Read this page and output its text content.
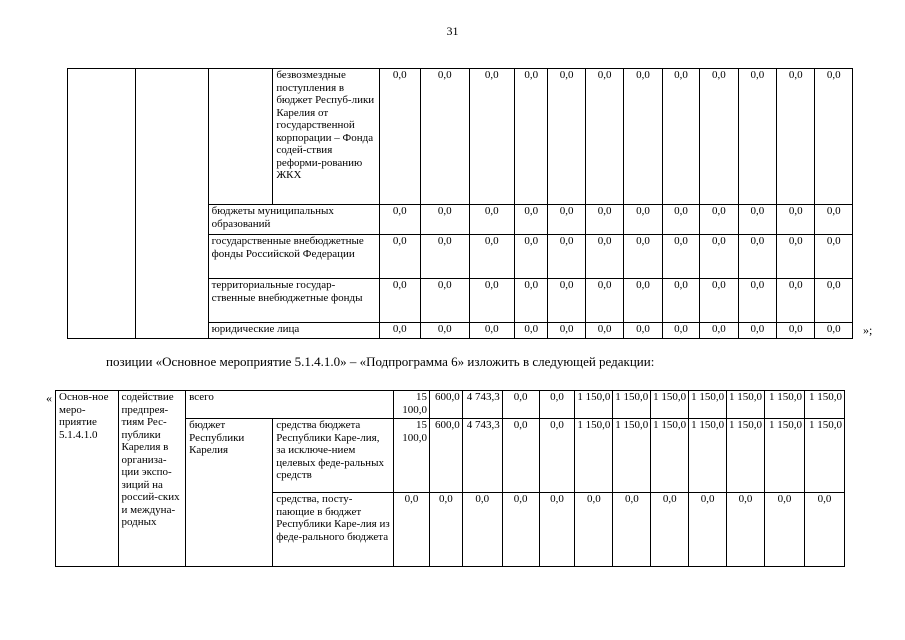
31
			безвозмездные поступления в бюджет Респуб-лики Карелия от государственной корпорации – Фонда содей-ствия реформи-рованию ЖКХ	0,0	0,0	0,0	0,0	0,0	0,0	0,0	0,0	0,0	0,0	0,0	0,0
		бюджеты муниципальных образований		0,0	0,0	0,0	0,0	0,0	0,0	0,0	0,0	0,0	0,0	0,0	0,0
		государственные внебюджетные фонды Российской Федерации		0,0	0,0	0,0	0,0	0,0	0,0	0,0	0,0	0,0	0,0	0,0	0,0
		территориальные государ-ственные внебюджетные фонды		0,0	0,0	0,0	0,0	0,0	0,0	0,0	0,0	0,0	0,0	0,0	0,0
		юридические лица		0,0	0,0	0,0	0,0	0,0	0,0	0,0	0,0	0,0	0,0	0,0	0,0 »;
позиции «Основное мероприятие 5.1.4.1.0» – «Подпрограмма 6» изложить в следующей редакции:
« Основ-ное меро-приятие 5.1.4.1.0	содействие предпрея-тиям Рес-публики Карелия в организа-ции экспо-зиций на россий-ских и междуна-родных	всего		15 100,0	600,0	4 743,3	0,0	0,0	1 150,0	1 150,0	1 150,0	1 150,0	1 150,0	1 150,0	1 150,0
		бюджет Республики Карелия	средства бюджета Республики Каре-лия, за исключе-нием целевых феде-ральных средств	15 100,0	600,0	4 743,3	0,0	0,0	1 150,0	1 150,0	1 150,0	1 150,0	1 150,0	1 150,0	1 150,0
			средства, посту-пающие в бюджет Республики Каре-лия из феде-рального бюджета	0,0	0,0	0,0	0,0	0,0	0,0	0,0	0,0	0,0	0,0	0,0	0,0
